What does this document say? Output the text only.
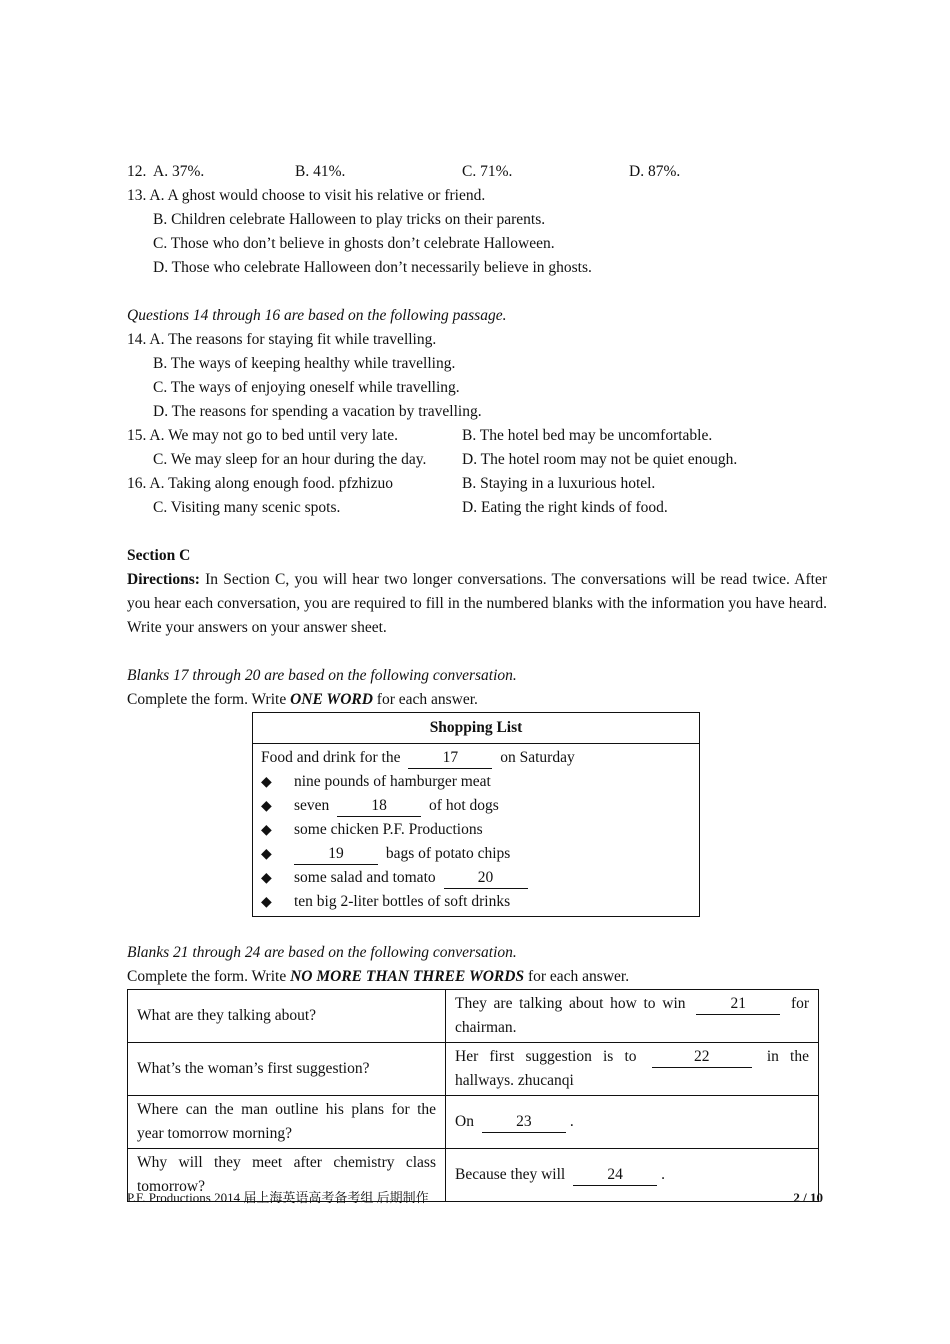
12. A. 37%.	B. 41%.	C. 71%.	D. 87%.
13. A. A ghost would choose to visit his relative or friend.
B. Children celebrate Halloween to play tricks on their parents.
C. Those who don’t believe in ghosts don’t celebrate Halloween.
D. Those who celebrate Halloween don’t necessarily believe in ghosts.
Questions 14 through 16 are based on the following passage.
14. A. The reasons for staying fit while travelling.
B. The ways of keeping healthy while travelling.
C. The ways of enjoying oneself while travelling.
D. The reasons for spending a vacation by travelling.
15. A. We may not go to bed until very late.	B. The hotel bed may be uncomfortable.
C. We may sleep for an hour during the day. D. The hotel room may not be quiet enough.
16. A. Taking along enough food. pfzhizuo	B. Staying in a luxurious hotel.
C. Visiting many scenic spots.	D. Eating the right kinds of food.
Section C
Directions: In Section C, you will hear two longer conversations. The conversations will be read twice. After you hear each conversation, you are required to fill in the numbered blanks with the information you have heard. Write your answers on your answer sheet.
Blanks 17 through 20 are based on the following conversation.
Complete the form. Write ONE WORD for each answer.
Shopping List

Food and drink for the	17	on Saturday
◆ nine pounds of hamburger meat
◆ seven	18	of hot dogs
◆ some chicken P.F. Productions
◆	19	bags of potato chips
◆ some salad and tomato	20
◆ ten big 2-liter bottles of soft drinks
Blanks 21 through 24 are based on the following conversation.
Complete the form. Write NO MORE THAN THREE WORDS for each answer.
What are they talking about?	They are talking about how to win 21 for chairman.
What’s the woman’s first suggestion?	Her first suggestion is to 22 in the hallways. zhucanqi
Where can the man outline his plans for the year tomorrow morning?	On 23 .
Why will they meet after chemistry class tomorrow?	Because they will 24 .
P.F. Productions 2014 届上海英语高考备考组 后期制作	2 / 10
